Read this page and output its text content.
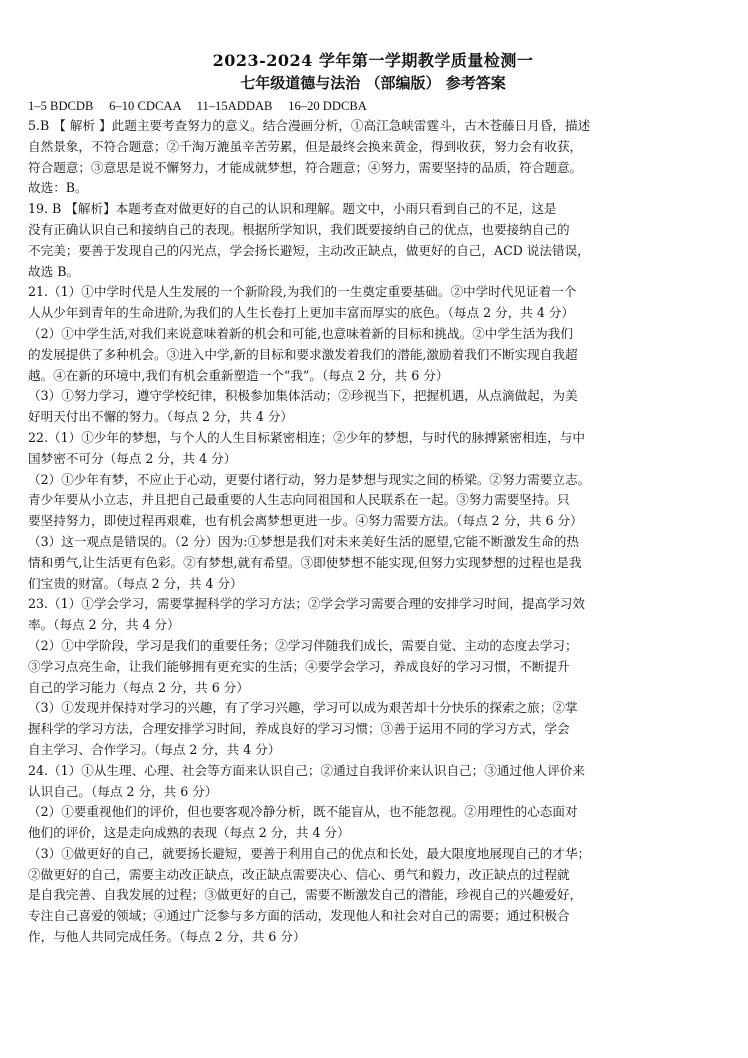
2023-2024 学年第一学期教学质量检测一
七年级道德与法治 （部编版） 参考答案
1–5 BDCDB     6–10 CDCAA     11–15ADDAB     16–20 DDCBA
5.B 【 解析 】此题主要考查努力的意义。结合漫画分析，①高江急峡雷霆斗，古木苍藤日月昏，描述
自然景象，不符合题意；②千淘万漉虽辛苦劳累，但是最终会换来黄金，得到收获，努力会有收获，
符合题意；③意思是说不懈努力，才能成就梦想，符合题意；④努力，需要坚持的品质，符合题意。
故选：B。
19. B 【解析】本题考查对做更好的自己的认识和理解。题文中，小雨只看到自己的不足，这是
没有正确认识自己和接纳自己的表现。根据所学知识，我们既要接纳自己的优点，也要接纳自己的
不完美；要善于发现自己的闪光点，学会扬长避短，主动改正缺点，做更好的自己，ACD 说法错误，
故选 B。
21.（1）①中学时代是人生发展的一个新阶段,为我们的一生奠定重要基础。②中学时代见证着一个
人从少年到青年的生命进阶,为我们的人生长卷打上更加丰富而厚实的底色。（每点 2 分，共 4 分）
（2）①中学生活,对我们来说意味着新的机会和可能,也意味着新的目标和挑战。②中学生活为我们
的发展提供了多种机会。③进入中学,新的目标和要求激发着我们的潜能,激励着我们不断实现自我超
越。④在新的环境中,我们有机会重新塑造一个“我”。（每点 2 分，共 6 分）
（3）①努力学习，遵守学校纪律，积极参加集体活动；②珍视当下，把握机遇，从点滴做起，为美
好明天付出不懈的努力。（每点 2 分，共 4 分）
22.（1）①少年的梦想，与个人的人生目标紧密相连；②少年的梦想，与时代的脉搏紧密相连，与中
国梦密不可分（每点 2 分，共 4 分）
（2）①少年有梦，不应止于心动，更要付诸行动，努力是梦想与现实之间的桥梁。②努力需要立志。
青少年要从小立志，并且把自己最重要的人生志向同祖国和人民联系在一起。③努力需要坚持。只
要坚持努力，即使过程再艰难，也有机会离梦想更进一步。④努力需要方法。（每点 2 分，共 6 分）
（3）这一观点是错误的。（2 分）因为:①梦想是我们对未来美好生活的愿望,它能不断激发生命的热
情和勇气,让生活更有色彩。②有梦想,就有希望。③即使梦想不能实现,但努力实现梦想的过程也是我
们宝贵的财富。（每点 2 分，共 4 分）
23.（1）①学会学习，需要掌握科学的学习方法；②学会学习需要合理的安排学习时间，提高学习效
率。（每点 2 分，共 4 分）
（2）①中学阶段，学习是我们的重要任务；②学习伴随我们成长，需要自觉、主动的态度去学习；
③学习点亮生命，让我们能够拥有更充实的生活；④要学会学习，养成良好的学习习惯，不断提升
自己的学习能力（每点 2 分，共 6 分）
（3）①发现并保持对学习的兴趣，有了学习兴趣，学习可以成为艰苦却十分快乐的探索之旅；②掌
握科学的学习方法，合理安排学习时间，养成良好的学习习惯；③善于运用不同的学习方式，学会
自主学习、合作学习。（每点 2 分，共 4 分）
24.（1）①从生理、心理、社会等方面来认识自己；②通过自我评价来认识自己；③通过他人评价来
认识自己。（每点 2 分，共 6 分）
（2）①要重视他们的评价，但也要客观冷静分析，既不能盲从，也不能忽视。②用理性的心态面对
他们的评价，这是走向成熟的表现（每点 2 分，共 4 分）
（3）①做更好的自己，就要扬长避短，要善于利用自己的优点和长处，最大限度地展现自己的才华；
②做更好的自己，需要主动改正缺点，改正缺点需要决心、信心、勇气和毅力，改正缺点的过程就
是自我完善、自我发展的过程；③做更好的自己，需要不断激发自己的潜能，珍视自己的兴趣爱好，
专注自己喜爱的领域；④通过广泛参与多方面的活动，发现他人和社会对自己的需要；通过积极合
作，与他人共同完成任务。（每点 2 分，共 6 分）
